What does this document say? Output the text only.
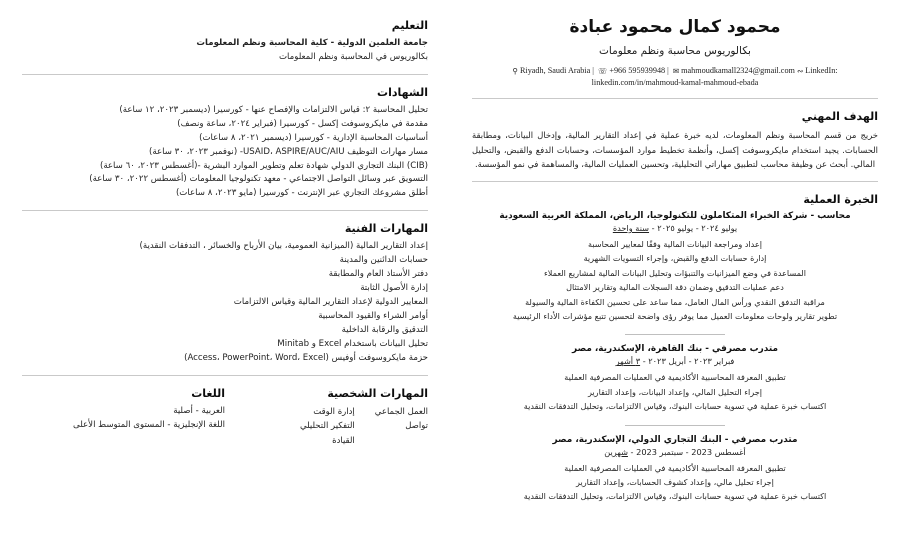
محمود كمال محمود عبادة
بكالوريوس محاسبة ونظم معلومات
⚲ Riyadh, Saudi Arabia | ☏ +966 595939948 | ✉ mahmoudkamall2324@gmail.com ∾ LinkedIn: linkedin.com/in/mahmoud-kamal-mahmoud-ebada
الهدف المهني
خريج من قسم المحاسبة ونظم المعلومات، لديه خبرة عملية في إعداد التقارير المالية، وإدخال البيانات، ومطابقة الحسابات. يجيد استخدام مايكروسوفت إكسل، وأنظمة تخطيط موارد المؤسسات، وحسابات الدفع والقبض، والتحليل المالي. أبحث عن وظيفة محاسب لتطبيق مهاراتي التحليلية، وتحسين العمليات المالية، والمساهمة في نمو المؤسسة.
الخبرة العملية
محاسب - شركة الخبراء المتكاملون للتكنولوجيا، الرياض، المملكة العربية السعودية
يوليو ٢٠٢٤ - يوليو ٢٠٢٥ - سنة واحدة
إعداد ومراجعة البيانات المالية وفقًا لمعايير المحاسبة
إدارة حسابات الدفع والقبض، وإجراء التسويات الشهرية
المساعدة في وضع الميزانيات والتنبؤات وتحليل البيانات المالية لمشاريع العملاء
دعم عمليات التدقيق وضمان دقة السجلات المالية وتقارير الامتثال
مراقبة التدفق النقدي ورأس المال العامل، مما ساعد على تحسين الكفاءة المالية والسيولة
تطوير تقارير ولوحات معلومات العميل مما يوفر رؤى واضحة لتحسين تتبع مؤشرات الأداء الرئيسية
متدرب مصرفي - بنك القاهرة، الإسكندرية، مصر
فبراير ٢٠٢٣ - أبريل ٢٠٢٣ - ٣ أشهر
تطبيق المعرفة المحاسبية الأكاديمية في العمليات المصرفية العملية
إجراء التحليل المالي، وإعداد البيانات، وإعداد التقارير
اكتساب خبرة عملية في تسوية حسابات البنوك، وقياس الالتزامات، وتحليل التدفقات النقدية
متدرب مصرفي - البنك التجاري الدولي، الإسكندرية، مصر
أغسطس 2023 - سبتمبر 2023 - شهرين
تطبيق المعرفة المحاسبية الأكاديمية في العمليات المصرفية العملية
إجراء تحليل مالي، وإعداد كشوف الحسابات، وإعداد التقارير
اكتساب خبرة عملية في تسوية حسابات البنوك، وقياس الالتزامات، وتحليل التدفقات النقدية
التعليم
جامعة العلمين الدولية - كلية المحاسبة ونظم المعلومات
بكالوريوس في المحاسبة ونظم المعلومات
الشهادات
تحليل المحاسبة ٢: قياس الالتزامات والإفصاح عنها - كورسيرا (ديسمبر ٢٠٢٣، ١٢ ساعة)
مقدمة في مايكروسوفت إكسل - كورسيرا (فبراير ٢٠٢٤، ساعة ونصف)
أساسيات المحاسبة الإدارية - كورسيرا (ديسمبر ٢٠٢١، ٨ ساعات)
مسار مهارات التوظيف USAID، ASPIRE/AUC/AIU- (نوفمبر ٢٠٢٣، ٣٠ ساعة)
(CIB) البنك التجاري الدولي شهادة تعلم وتطوير الموارد البشرية -(أغسطس ٢٠٢٣، ٦٠ ساعة)
التسويق عبر وسائل التواصل الاجتماعي - معهد تكنولوجيا المعلومات (أغسطس ٢٠٢٢، ٣٠ ساعة)
أطلق مشروعك التجاري عبر الإنترنت - كورسيرا (مايو ٢٠٢٣، ٨ ساعات)
المهارات الفنية
إعداد التقارير المالية (الميزانية العمومية، بيان الأرباح والخسائر ، التدفقات النقدية)
حسابات الدائنين والمدينة
دفتر الأستاذ العام والمطابقة
إدارة الأصول الثابتة
المعايير الدولية لإعداد التقارير المالية وقياس الالتزامات
أوامر الشراء والقيود المحاسبية
التدقيق والرقابة الداخلية
تحليل البيانات باستخدام Excel و Minitab
حزمة مايكروسوفت أوفيس (Access، PowerPoint، Word، Excel)
المهارات الشخصية
العمل الجماعي
تواصل
إدارة الوقت
التفكير التحليلي
القيادة
اللغات
العربية - أصلية
اللغة الإنجليزية - المستوى المتوسط الأعلى
